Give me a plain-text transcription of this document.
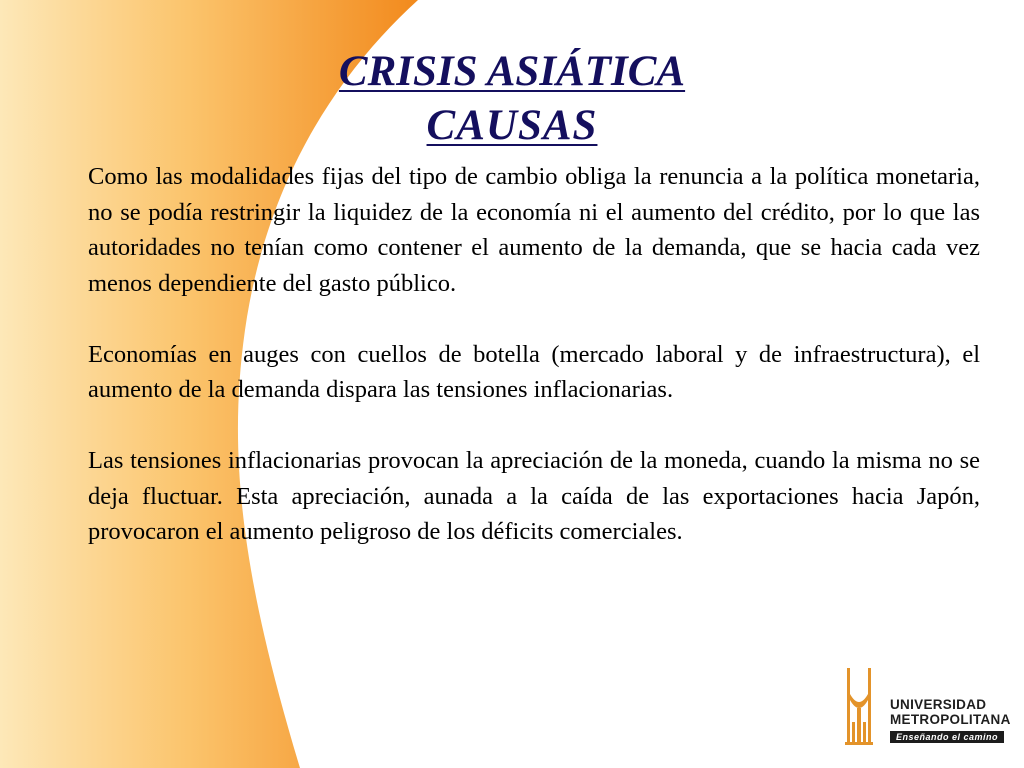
CRISIS ASIÁTICA
CAUSAS

Como las modalidades fijas del tipo de cambio obliga la renuncia a la política monetaria, no se podía restringir la liquidez de la economía ni el aumento del crédito, por lo que las autoridades no tenían como contener el aumento de la demanda, que se hacia cada vez menos dependiente del gasto público.

Economías en auges con cuellos de botella (mercado laboral y de infraestructura), el aumento de la demanda dispara las tensiones inflacionarias.

Las tensiones inflacionarias provocan la apreciación de la moneda, cuando la misma no se deja fluctuar. Esta apreciación, aunada a la caída de las exportaciones hacia Japón, provocaron el aumento peligroso de los déficits comerciales.

UNIVERSIDAD
METROPOLITANA
Enseñando el camino
